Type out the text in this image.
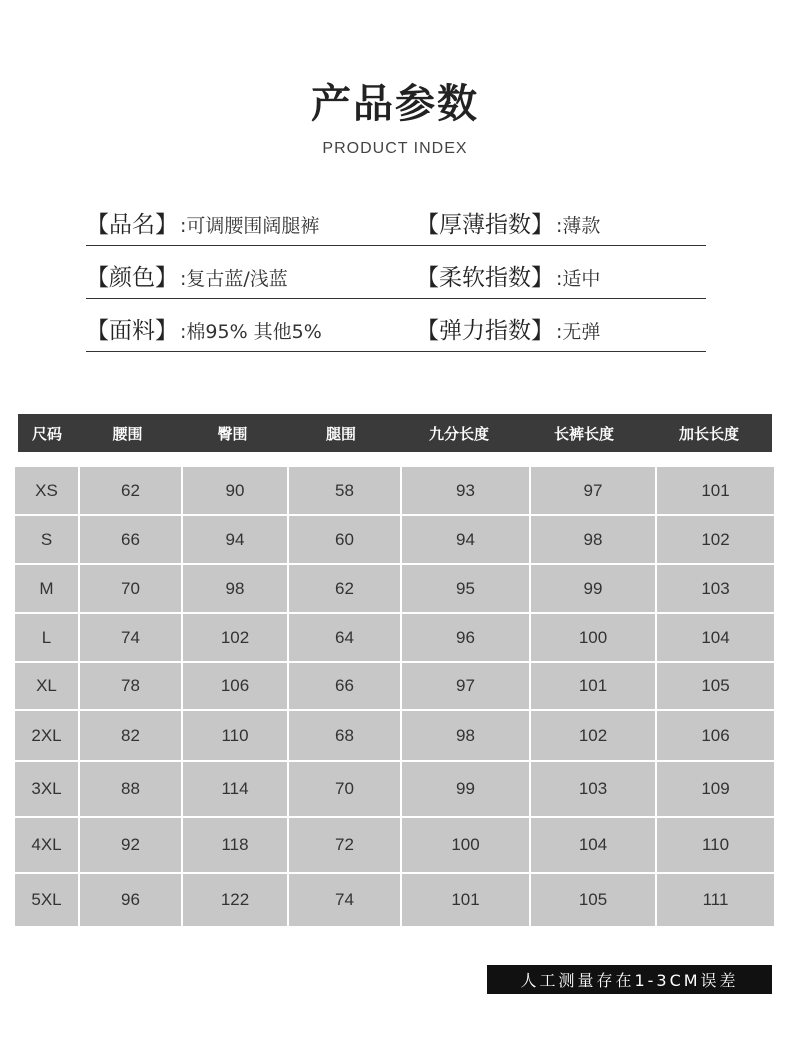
产品参数
PRODUCT INDEX
【品名】 :可调腰围阔腿裤	【厚薄指数】 :薄款
【颜色】 :复古蓝/浅蓝	【柔软指数】 :适中
【面料】 :棉95% 其他5%	【弹力指数】 :无弹
尺码	腰围	臀围	腿围	九分长度	长裤长度	加长长度
XS	62	90	58	93	97	101
S	66	94	60	94	98	102
M	70	98	62	95	99	103
L	74	102	64	96	100	104
XL	78	106	66	97	101	105
2XL	82	110	68	98	102	106
3XL	88	114	70	99	103	109
4XL	92	118	72	100	104	110
5XL	96	122	74	101	105	111
人工测量存在1-3CM误差
